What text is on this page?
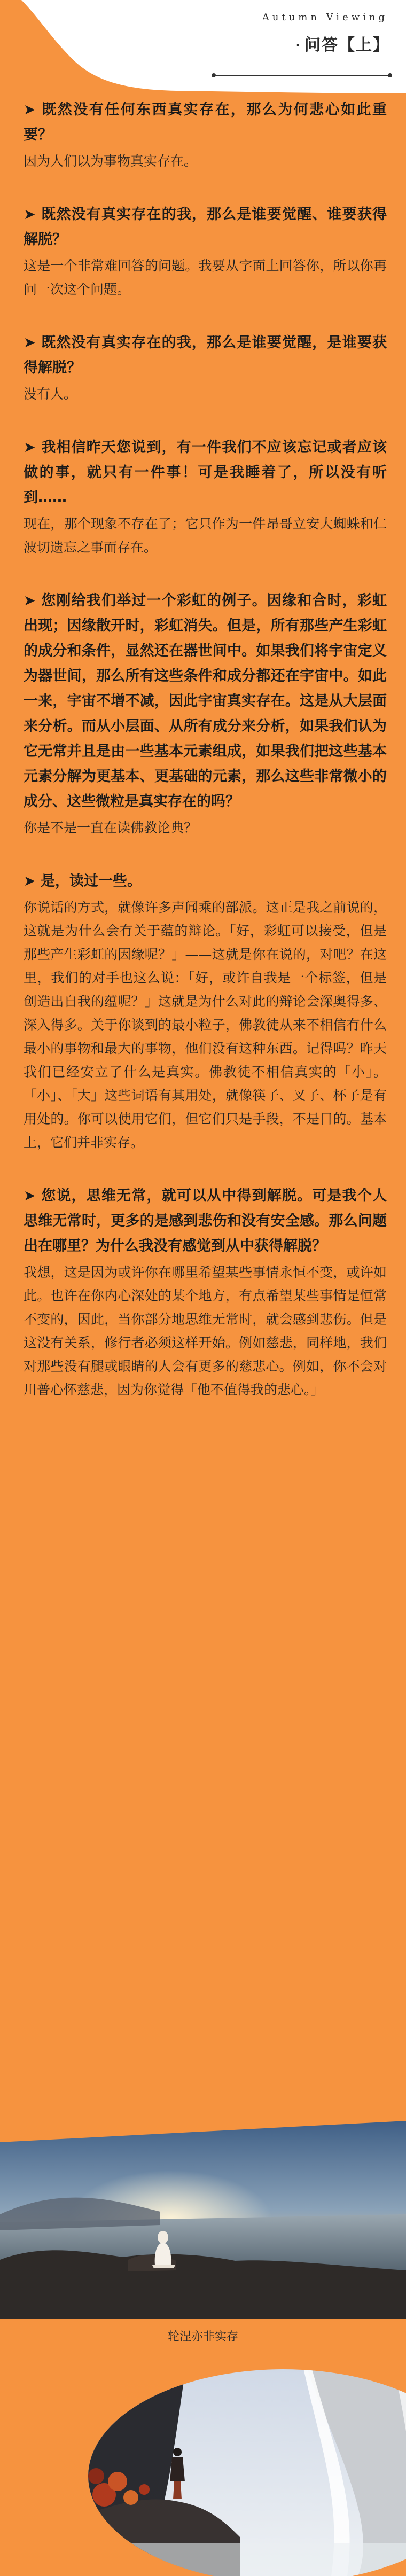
Autumn Viewing
· 问答【上】

➤ 既然没有任何东西真实存在，那么为何悲心如此重要？

因为人们以为事物真实存在。

➤ 既然没有真实存在的我，那么是谁要觉醒、谁要获得解脱？

这是一个非常难回答的问题。我要从字面上回答你，所以你再问一次这个问题。

➤ 既然没有真实存在的我，那么是谁要觉醒，是谁要获得解脱？

没有人。

➤ 我相信昨天您说到，有一件我们不应该忘记或者应该做的事，就只有一件事！可是我睡着了，所以没有听到……

现在，那个现象不存在了；它只作为一件昂哥立安大蜘蛛和仁波切遗忘之事而存在。

➤ 您刚给我们举过一个彩虹的例子。因缘和合时，彩虹出现；因缘散开时，彩虹消失。但是，所有那些产生彩虹的成分和条件，显然还在器世间中。如果我们将宇宙定义为器世间，那么所有这些条件和成分都还在宇宙中。如此一来，宇宙不增不减，因此宇宙真实存在。这是从大层面来分析。而从小层面、从所有成分来分析，如果我们认为它无常并且是由一些基本元素组成，如果我们把这些基本元素分解为更基本、更基础的元素，那么这些非常微小的成分、这些微粒是真实存在的吗？

你是不是一直在读佛教论典？

➤ 是，读过一些。

你说话的方式，就像许多声闻乘的部派。这正是我之前说的，这就是为什么会有关于蕴的辩论。「好，彩虹可以接受，但是那些产生彩虹的因缘呢？」——这就是你在说的，对吧？在这里，我们的对手也这么说：「好，或许自我是一个标签，但是创造出自我的蕴呢？」这就是为什么对此的辩论会深奥得多、深入得多。关于你谈到的最小粒子，佛教徒从来不相信有什么最小的事物和最大的事物，他们没有这种东西。记得吗？昨天我们已经安立了什么是真实。佛教徒不相信真实的「小」。「小」、「大」这些词语有其用处，就像筷子、叉子、杯子是有用处的。你可以使用它们，但它们只是手段，不是目的。基本上，它们并非实存。

➤ 您说，思维无常，就可以从中得到解脱。可是我个人思维无常时，更多的是感到悲伤和没有安全感。那么问题出在哪里？为什么我没有感觉到从中获得解脱？

我想，这是因为或许你在哪里希望某些事情永恒不变，或许如此。也许在你内心深处的某个地方，有点希望某些事情是恒常不变的，因此，当你部分地思维无常时，就会感到悲伤。但是这没有关系，修行者必须这样开始。例如慈悲，同样地，我们对那些没有腿或眼睛的人会有更多的慈悲心。例如，你不会对川普心怀慈悲，因为你觉得「他不值得我的悲心。」

轮涅亦非实存
